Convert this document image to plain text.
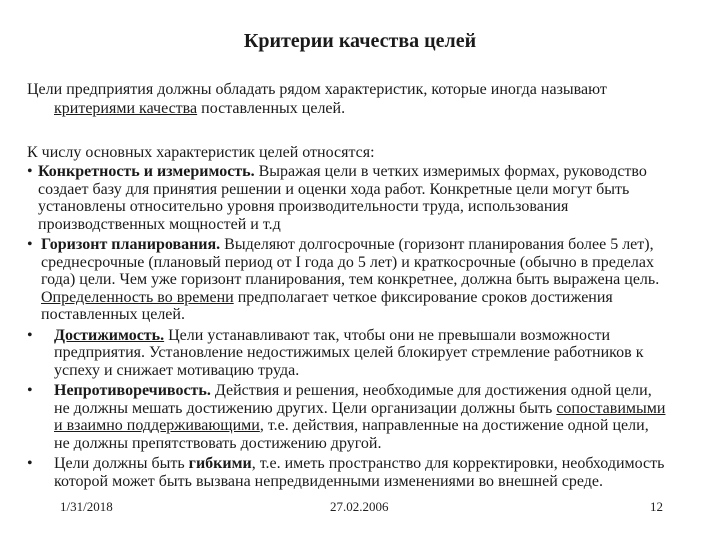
Критерии качества целей
Цели предприятия должны обладать рядом характеристик, которые иногда называют
критериями качества поставленных целей.
К числу основных характеристик целей относятся:
• Конкретность и измеримость. Выражая цели в четких измеримых формах, руководство создает базу для принятия решении и оценки хода работ. Конкретные цели могут быть установлены относительно уровня производительности труда, использования производственных мощностей и т.д
• Горизонт планирования. Выделяют долгосрочные (горизонт планирования более 5 лет), среднесрочные (плановый период от I года до 5 лет) и краткосрочные (обычно в пределах года) цели. Чем уже горизонт планирования, тем конкретнее, должна быть выражена цель. Определенность во времени предполагает четкое фиксирование сроков достижения поставленных целей.
•	Достижимость. Цели устанавливают так, чтобы они не превышали возможности предприятия. Установление недостижимых целей блокирует стремление работников к успеху и снижает мотивацию труда.
•	Непротиворечивость. Действия и решения, необходимые для достижения одной цели, не должны мешать достижению других. Цели организации должны быть сопоставимыми и взаимно поддерживающими, т.е. действия, направленные на достижение одной цели, не должны препятствовать достижению другой.
•	Цели должны быть гибкими, т.е. иметь пространство для корректировки, необходимость которой может быть вызвана непредвиденными изменениями во внешней среде.
1/31/2018	27.02.2006	12
